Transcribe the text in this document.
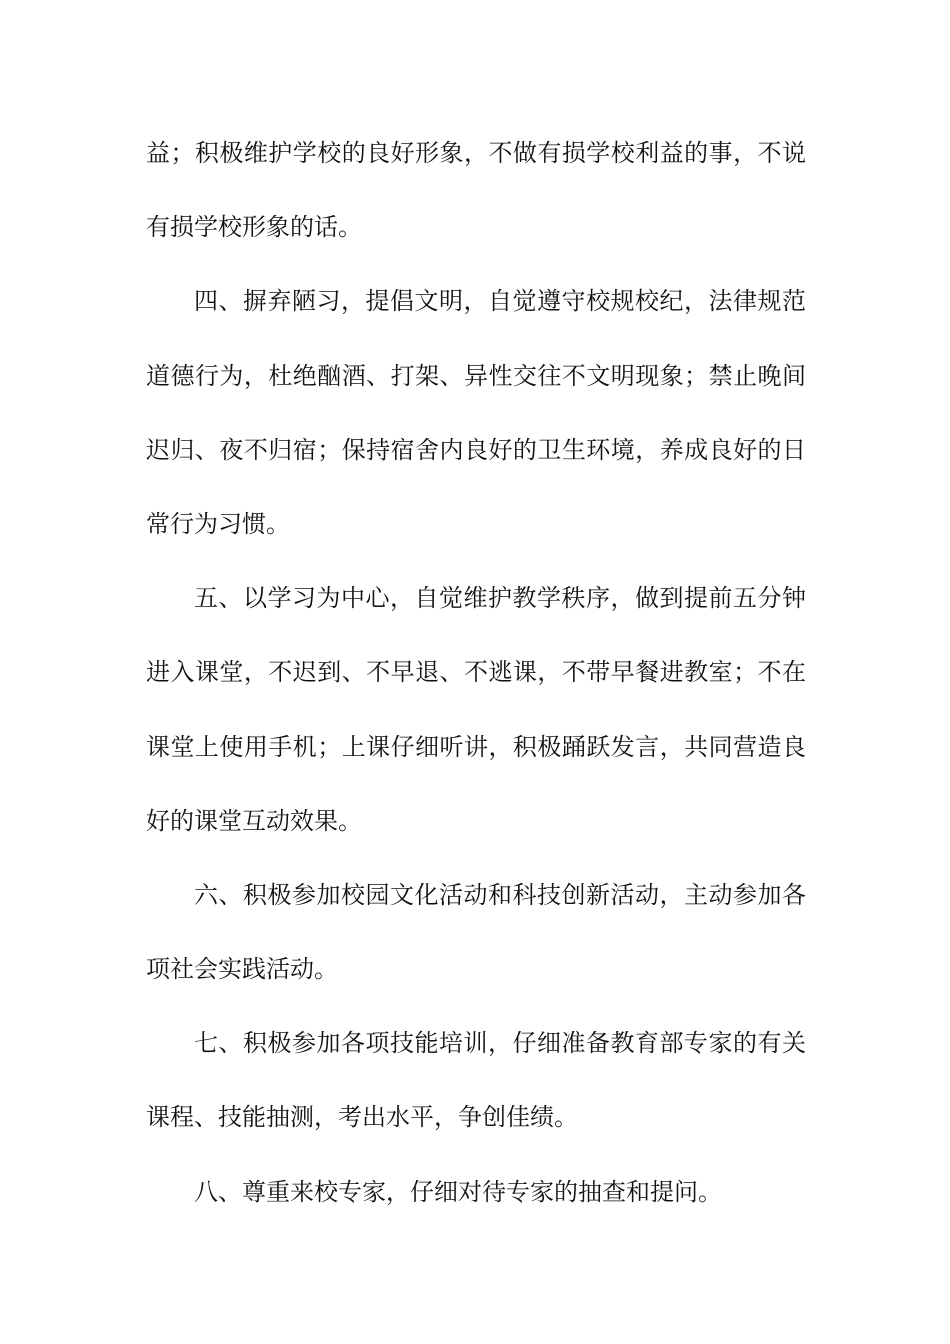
益；积极维护学校的良好形象，不做有损学校利益的事，不说
有损学校形象的话。
四、摒弃陋习，提倡文明，自觉遵守校规校纪，法律规范
道德行为，杜绝酗酒、打架、异性交往不文明现象；禁止晚间
迟归、夜不归宿；保持宿舍内良好的卫生环境，养成良好的日
常行为习惯。
五、以学习为中心，自觉维护教学秩序，做到提前五分钟
进入课堂，不迟到、不早退、不逃课，不带早餐进教室；不在
课堂上使用手机；上课仔细听讲，积极踊跃发言，共同营造良
好的课堂互动效果。
六、积极参加校园文化活动和科技创新活动，主动参加各
项社会实践活动。
七、积极参加各项技能培训，仔细准备教育部专家的有关
课程、技能抽测，考出水平，争创佳绩。
八、尊重来校专家，仔细对待专家的抽查和提问。
